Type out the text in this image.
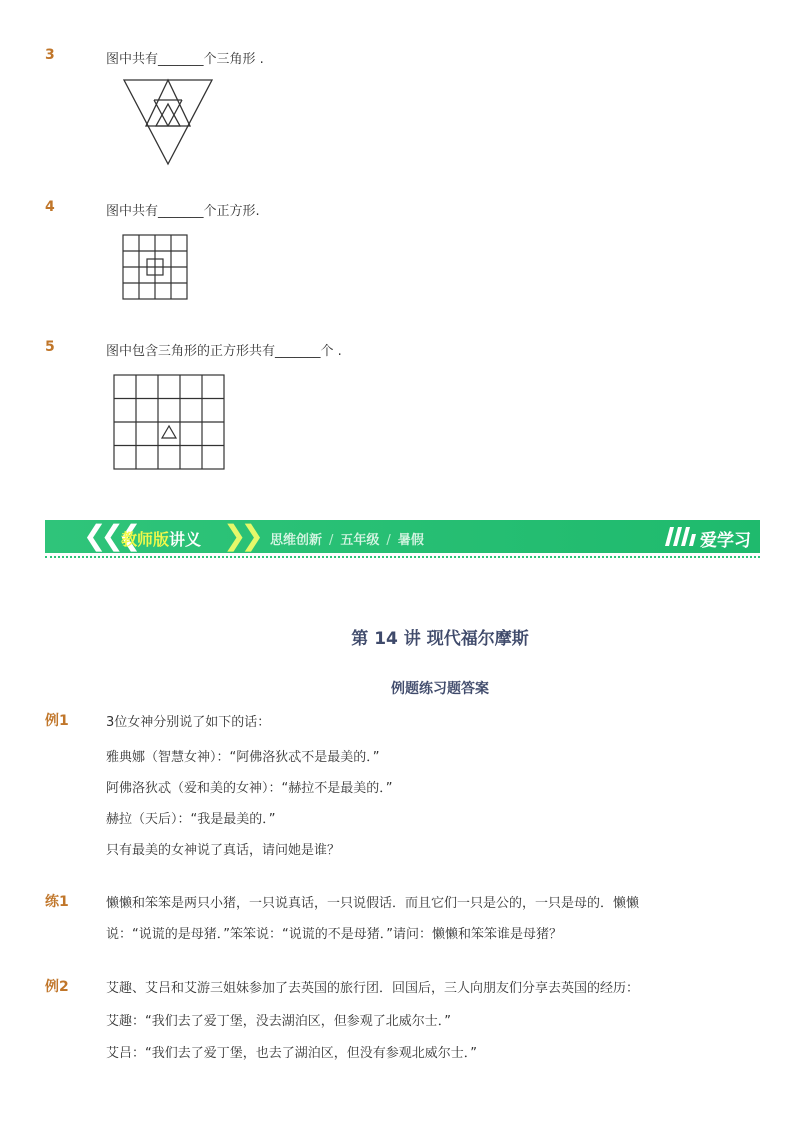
3	图中共有_______个三角形 .
4	图中共有_______个正方形.
5	图中包含三角形的正方形共有_______个 .
❮❮❮
教师版讲义 ❯❯ 思维创新 / 五年级 / 暑假	爱学习
第 14 讲 现代福尔摩斯
例题练习题答案
例1	3位女神分别说了如下的话：
雅典娜（智慧女神）：“阿佛洛狄忒不是最美的．”
阿佛洛狄忒（爱和美的女神）：“赫拉不是最美的．”
赫拉（天后）：“我是最美的．”
只有最美的女神说了真话，请问她是谁？
练1	懒懒和笨笨是两只小猪，一只说真话，一只说假话．而且它们一只是公的，一只是母的．懒懒
说：“说谎的是母猪．”笨笨说：“说谎的不是母猪．”请问：懒懒和笨笨谁是母猪？
例2	艾趣、艾吕和艾游三姐妹参加了去英国的旅行团．回国后，三人向朋友们分享去英国的经历：
艾趣：“我们去了爱丁堡，没去湖泊区，但参观了北威尔士．”
艾吕：“我们去了爱丁堡，也去了湖泊区，但没有参观北威尔士．”
